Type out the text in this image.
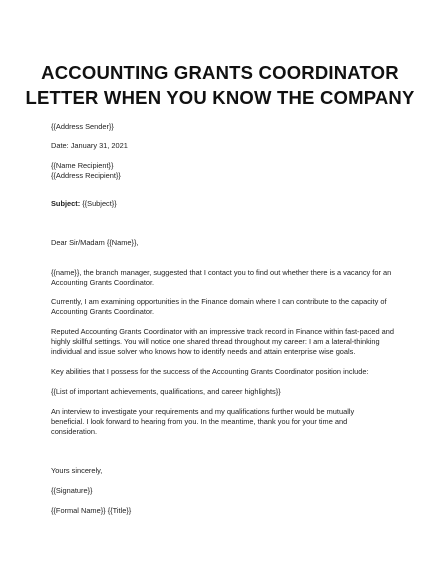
ACCOUNTING GRANTS COORDINATOR
LETTER WHEN YOU KNOW THE COMPANY
{{Address Sender}}
Date: January 31, 2021
{{Name Recipient}}
{{Address Recipient}}
Subject: {{Subject}}
Dear Sir/Madam {{Name}},
{{name}}, the branch manager, suggested that I contact you to find out whether there is a vacancy for an
Accounting Grants Coordinator.
Currently, I am examining opportunities in the Finance domain where I can contribute to the capacity of
Accounting Grants Coordinator.
Reputed Accounting Grants Coordinator with an impressive track record in Finance within fast-paced and
highly skillful settings. You will notice one shared thread throughout my career: I am a lateral-thinking
individual and issue solver who knows how to identify needs and attain enterprise wise goals.
Key abilities that I possess for the success of the Accounting Grants Coordinator position include:
{{List of important achievements, qualifications, and career highlights}}
An interview to investigate your requirements and my qualifications further would be mutually
beneficial. I look forward to hearing from you. In the meantime, thank you for your time and
consideration.
Yours sincerely,
{{Signature}}
{{Formal Name}} {{Title}}
